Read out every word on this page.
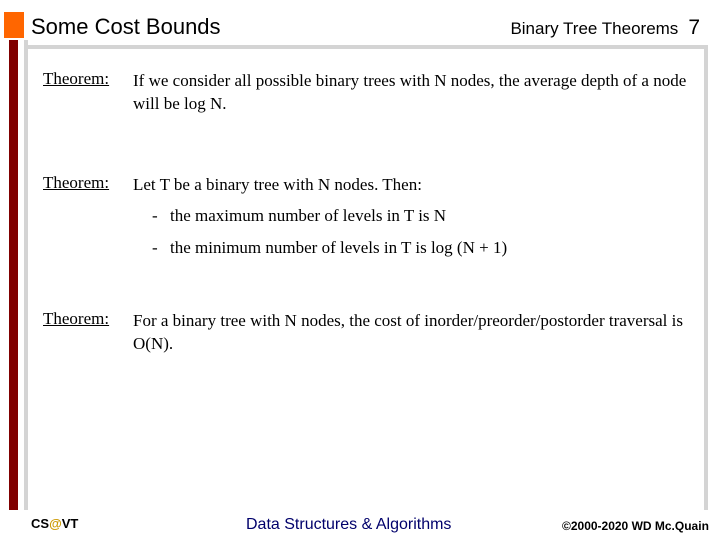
Some Cost Bounds	Binary Tree Theorems 7
Theorem: If we consider all possible binary trees with N nodes, the average depth of a node will be log N.
Theorem: Let T be a binary tree with N nodes. Then:
- the maximum number of levels in T is N
- the minimum number of levels in T is log (N + 1)
Theorem: For a binary tree with N nodes, the cost of inorder/preorder/postorder traversal is O(N).
CS@VT	Data Structures & Algorithms	©2000-2020 WD Mc.Quain
